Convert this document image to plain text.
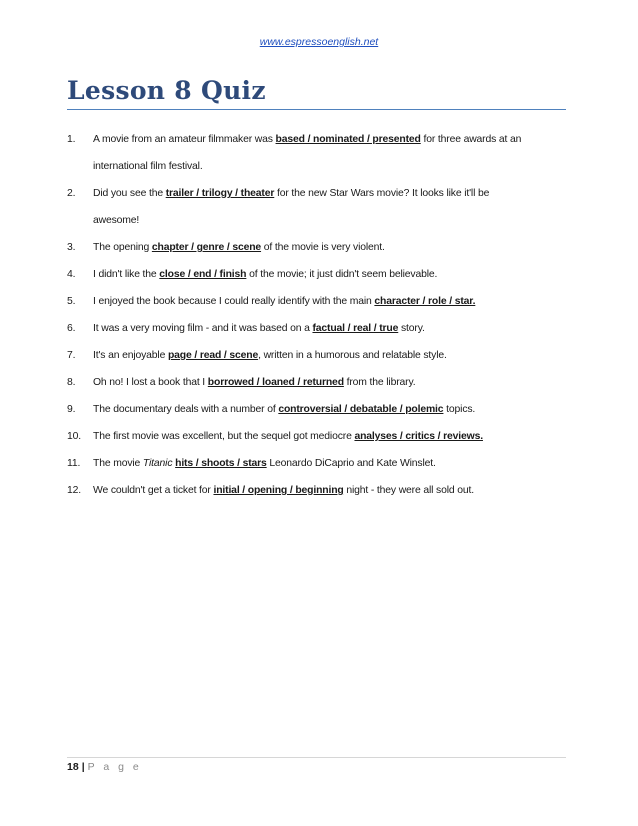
www.espressoenglish.net
Lesson 8 Quiz
1.	A movie from an amateur filmmaker was based / nominated / presented for three awards at an
international film festival.
2.	Did you see the trailer / trilogy / theater for the new Star Wars movie? It looks like it'll be
awesome!
3.	The opening chapter / genre / scene of the movie is very violent.
4.	I didn't like the close / end / finish of the movie; it just didn't seem believable.
5.	I enjoyed the book because I could really identify with the main character / role / star.
6.	It was a very moving film - and it was based on a factual / real / true story.
7.	It's an enjoyable page / read / scene, written in a humorous and relatable style.
8.	Oh no! I lost a book that I borrowed / loaned / returned from the library.
9.	The documentary deals with a number of controversial / debatable / polemic topics.
10.	The first movie was excellent, but the sequel got mediocre analyses / critics / reviews.
11.	The movie Titanic hits / shoots / stars Leonardo DiCaprio and Kate Winslet.
12.	We couldn't get a ticket for initial / opening / beginning night - they were all sold out.
18 | P a g e
